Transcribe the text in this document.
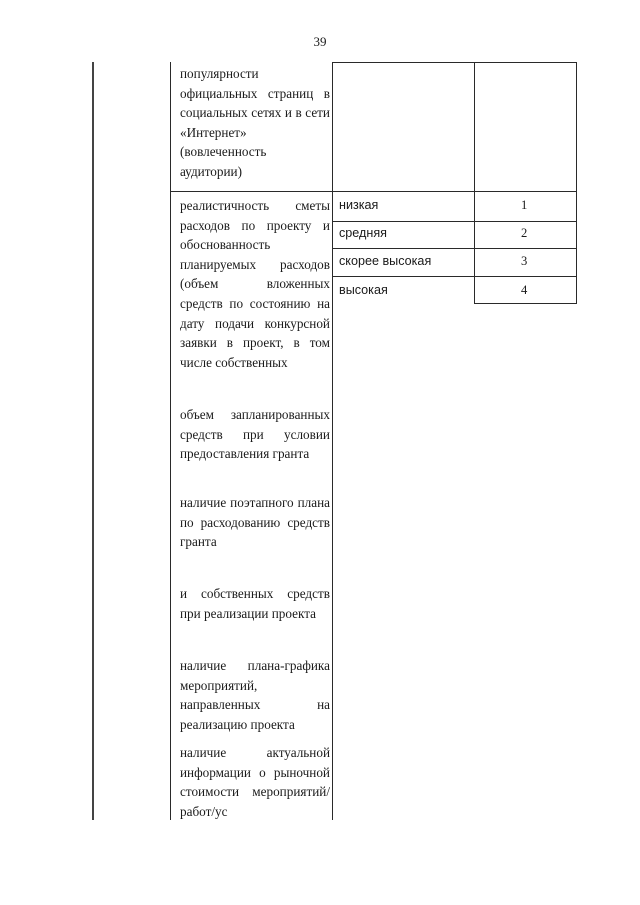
39

популярности официальных страниц в социальных сетях и в сети «Интернет» (вовлеченность аудитории)

реалистичность сметы расходов по проекту и обоснованность планируемых расходов (объем вложенных средств по состоянию на дату подачи конкурсной заявки в проект, в том числе собственных

объем запланированных средств при условии предоставления гранта

наличие поэтапного плана по расходованию средств гранта

и собственных средств при реализации проекта

наличие плана-графика мероприятий, направленных на реализацию проекта

наличие актуальной информации о рыночной стоимости мероприятий/работ/ус

низкая	1
средняя	2
скорее высокая	3
высокая	4
